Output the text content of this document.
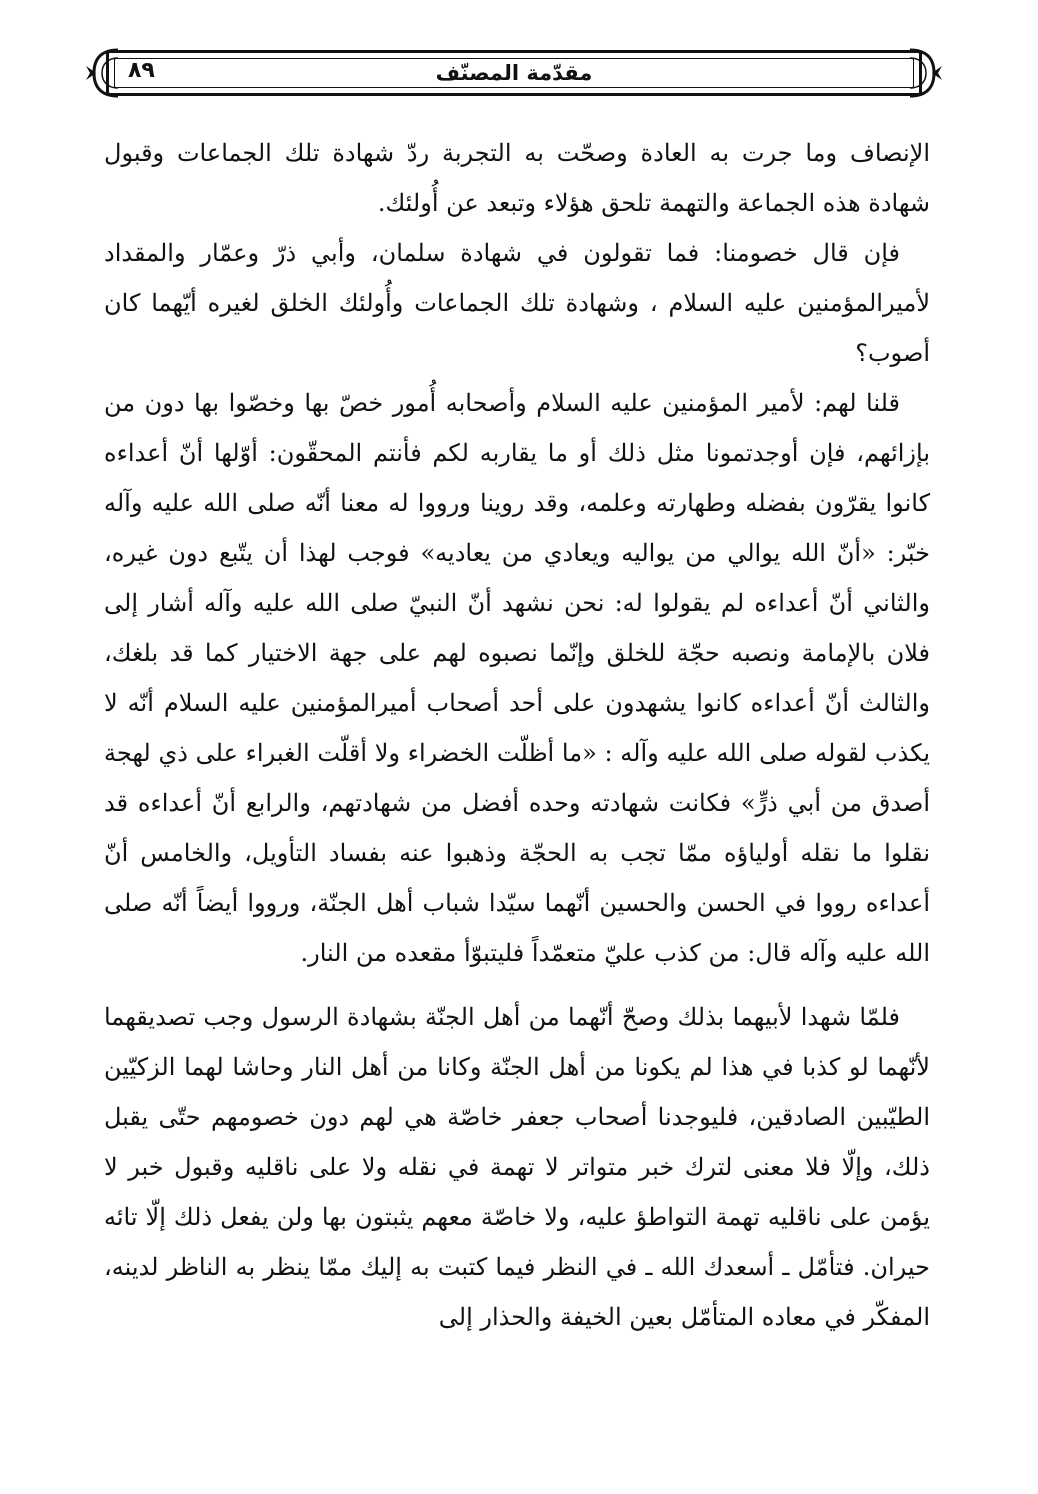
مقدّمة المصنّف
٨٩

الإنصاف وما جرت به العادة وصحّت به التجربة ردّ شهادة تلك الجماعات وقبول شهادة هذه الجماعة والتهمة تلحق هؤلاء وتبعد عن أُولئك.

فإن قال خصومنا: فما تقولون في شهادة سلمان، وأبي ذرّ وعمّار والمقداد لأميرالمؤمنين عليه السلام ، وشهادة تلك الجماعات وأُولئك الخلق لغيره أيّهما كان أصوب؟

قلنا لهم: لأمير المؤمنين عليه السلام وأصحابه أُمور خصّ بها وخصّوا بها دون من بإزائهم، فإن أوجدتمونا مثل ذلك أو ما يقاربه لكم فأنتم المحقّون: أوّلها أنّ أعداءه كانوا يقرّون بفضله وطهارته وعلمه، وقد روينا ورووا له معنا أنّه صلى الله عليه وآله خبّر: «أنّ الله يوالي من يواليه ويعادي من يعاديه» فوجب لهذا أن يتّبع دون غيره، والثاني أنّ أعداءه لم يقولوا له: نحن نشهد أنّ النبيّ صلى الله عليه وآله أشار إلى فلان بالإمامة ونصبه حجّة للخلق وإنّما نصبوه لهم على جهة الاختيار كما قد بلغك، والثالث أنّ أعداءه كانوا يشهدون على أحد أصحاب أميرالمؤمنين عليه السلام أنّه لا يكذب لقوله صلى الله عليه وآله : «ما أظلّت الخضراء ولا أقلّت الغبراء على ذي لهجة أصدق من أبي ذرٍّ» فكانت شهادته وحده أفضل من شهادتهم، والرابع أنّ أعداءه قد نقلوا ما نقله أولياؤه ممّا تجب به الحجّة وذهبوا عنه بفساد التأويل، والخامس أنّ أعداءه رووا في الحسن والحسين أنّهما سيّدا شباب أهل الجنّة، ورووا أيضاً أنّه صلى الله عليه وآله قال: من كذب عليّ متعمّداً فليتبوّأ مقعده من النار.

فلمّا شهدا لأبيهما بذلك وصحّ أنّهما من أهل الجنّة بشهادة الرسول وجب تصديقهما لأنّهما لو كذبا في هذا لم يكونا من أهل الجنّة وكانا من أهل النار وحاشا لهما الزكيّين الطيّبين الصادقين، فليوجدنا أصحاب جعفر خاصّة هي لهم دون خصومهم حتّى يقبل ذلك، وإلّا فلا معنى لترك خبر متواتر لا تهمة في نقله ولا على ناقليه وقبول خبر لا يؤمن على ناقليه تهمة التواطؤ عليه، ولا خاصّة معهم يثبتون بها ولن يفعل ذلك إلّا تائه حيران. فتأمّل ـ أسعدك الله ـ في النظر فيما كتبت به إليك ممّا ينظر به الناظر لدينه، المفكّر في معاده المتأمّل بعين الخيفة والحذار إلى
